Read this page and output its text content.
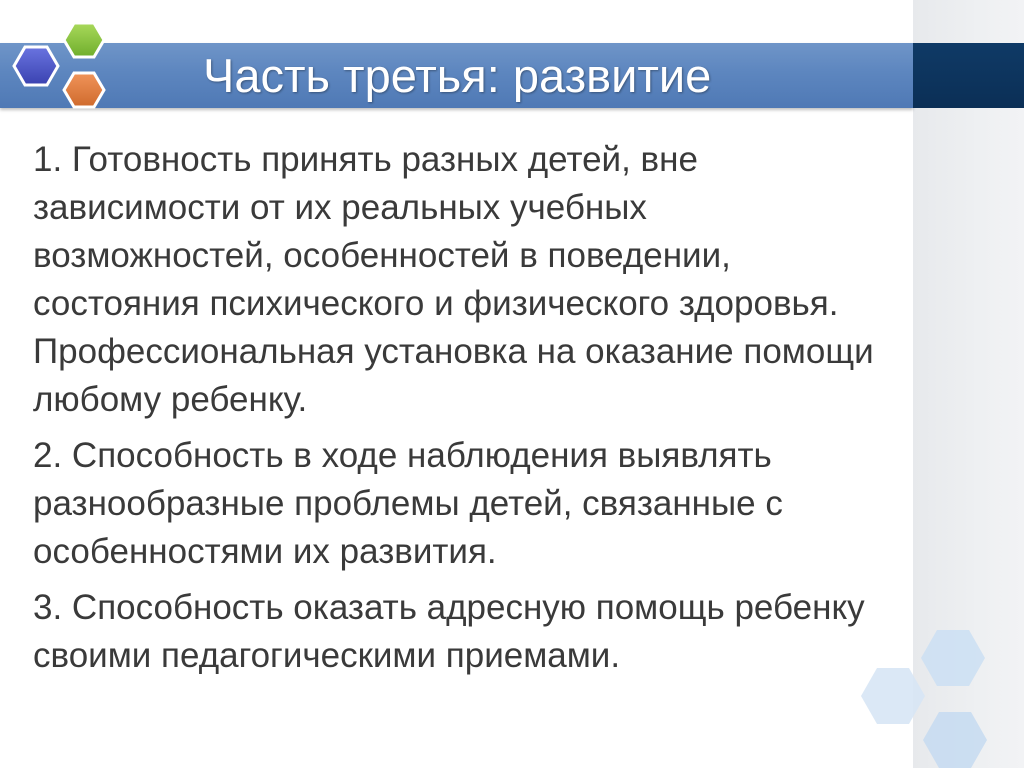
Часть третья: развитие

1. Готовность принять разных детей, вне
зависимости от их реальных учебных
возможностей, особенностей в поведении,
состояния психического и физического здоровья.
Профессиональная установка на оказание помощи
любому ребенку.

2. Способность в ходе наблюдения выявлять
разнообразные проблемы детей, связанные с
особенностями их развития.

3. Способность оказать адресную помощь ребенку
своими педагогическими приемами.
